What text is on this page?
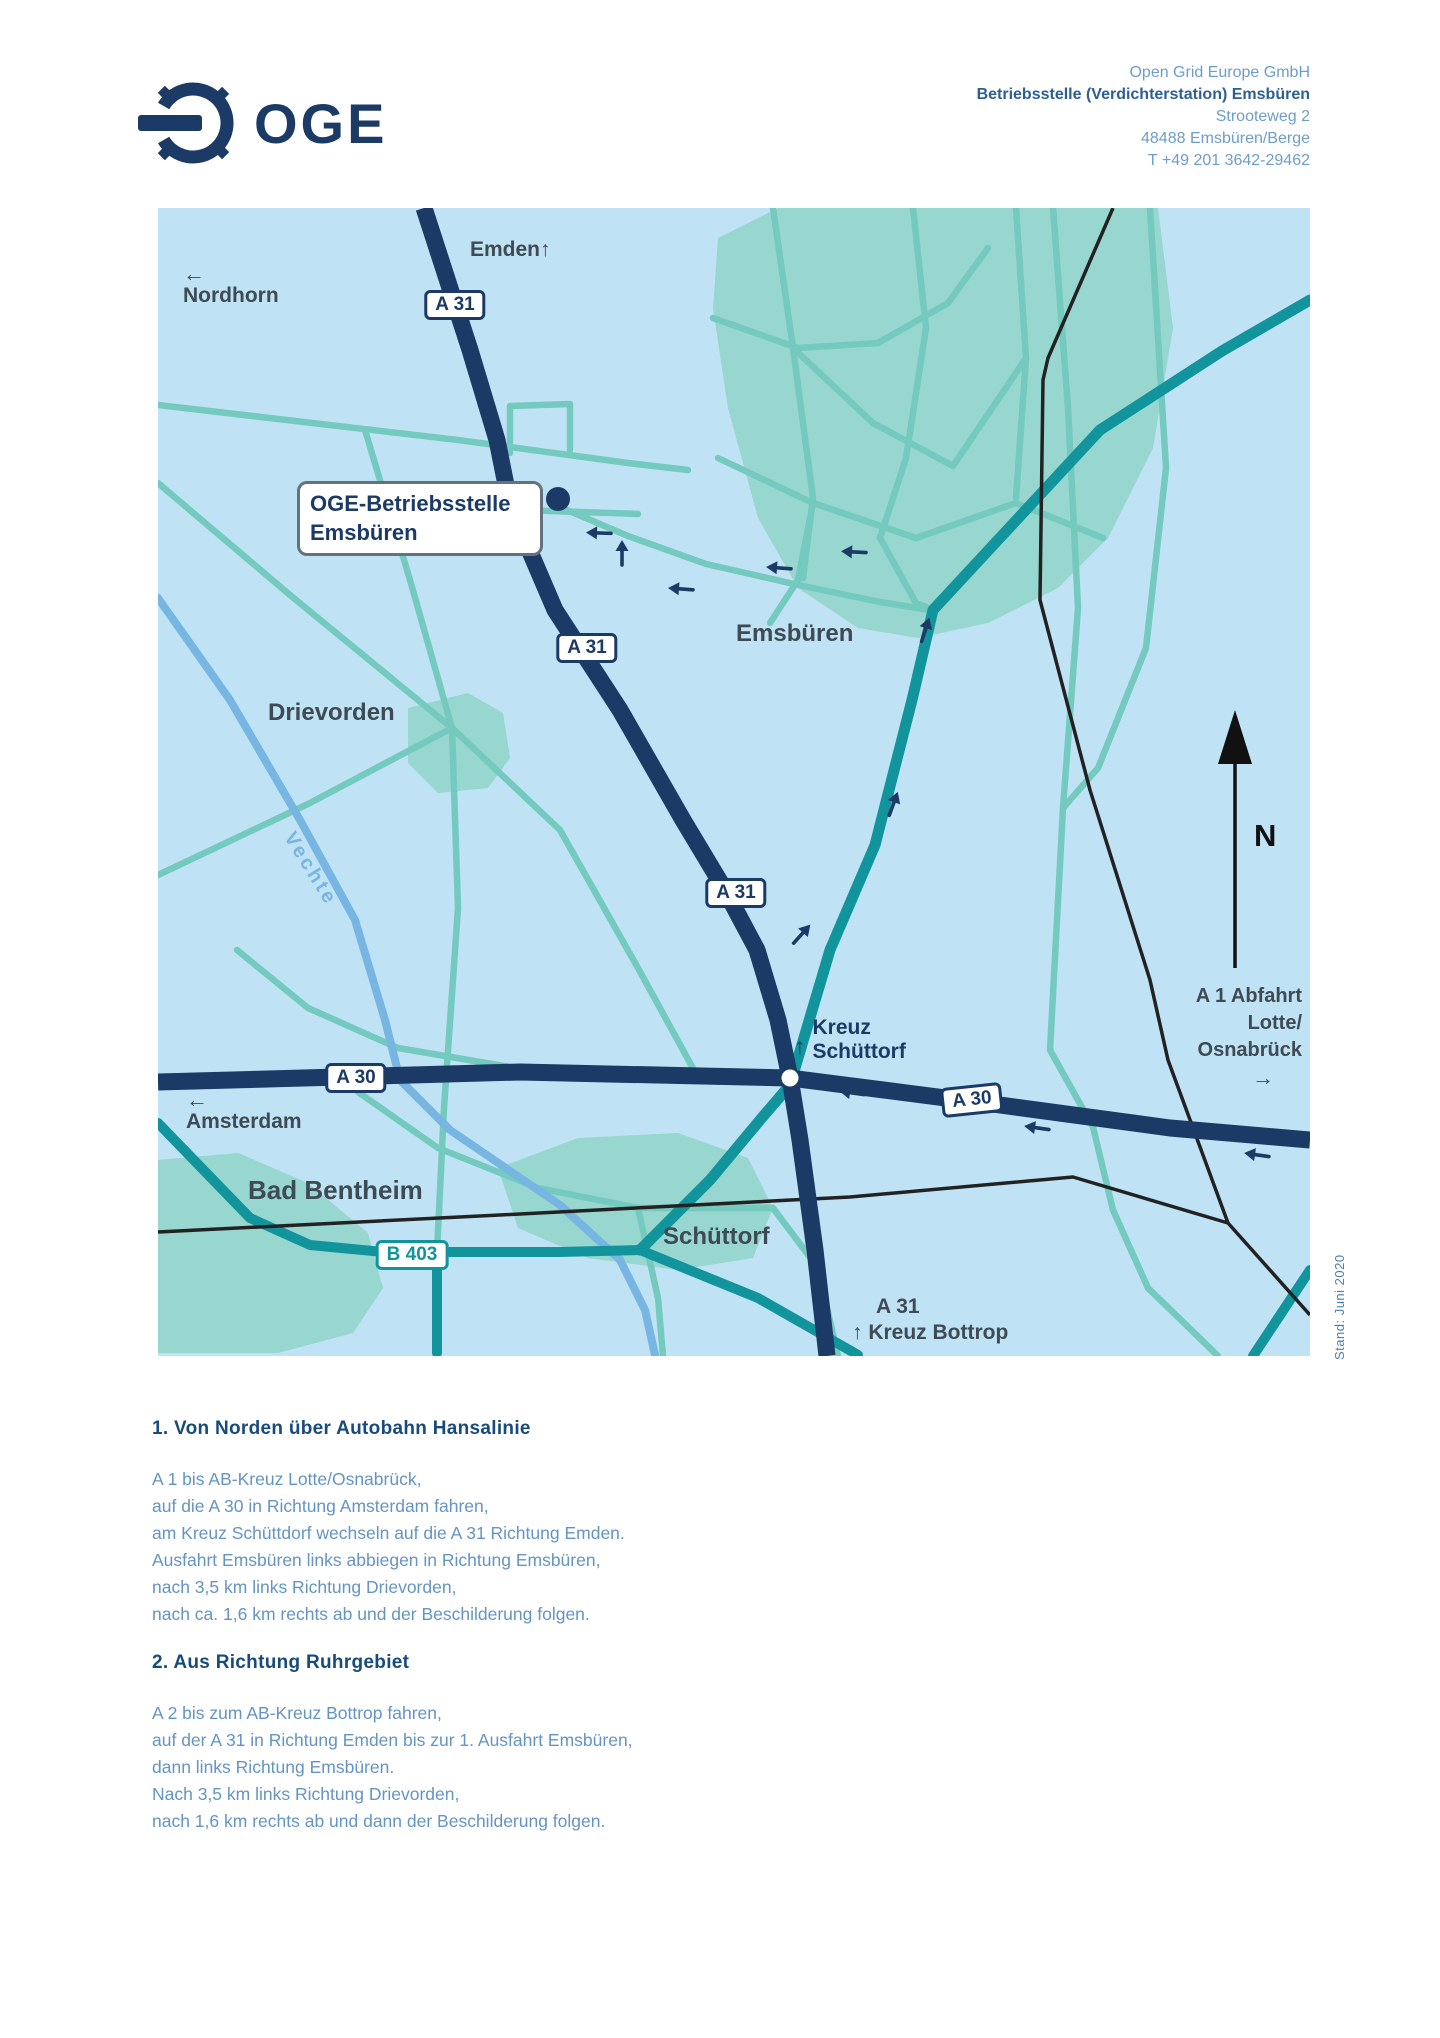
OGE
Open Grid Europe GmbH
Betriebsstelle (Verdichterstation) Emsbüren
Strooteweg 2
48488 Emsbüren/Berge
T +49 201 3642-29462
A 31
A 31
A 31
A 30
A 30
B 403
Emden↑
←
Nordhorn
OGE-Betriebsstelle
Emsbüren
Emsbüren
Drievorden
Vechte
↑
Kreuz
Schüttorf
←
Amsterdam
Bad Bentheim
Schüttorf
A 1 Abfahrt
Lotte/
Osnabrück
→
N
A 31
↑ Kreuz Bottrop	Stand: Juni 2020
1. Von Norden über Autobahn Hansalinie
A 1 bis AB-Kreuz Lotte/Osnabrück,
auf die A 30 in Richtung Amsterdam fahren,
am Kreuz Schüttdorf wechseln auf die A 31 Richtung Emden.
Ausfahrt Emsbüren links abbiegen in Richtung Emsbüren,
nach 3,5 km links Richtung Drievorden,
nach ca. 1,6 km rechts ab und der Beschilderung folgen.
2. Aus Richtung Ruhrgebiet
A 2 bis zum AB-Kreuz Bottrop fahren,
auf der A 31 in Richtung Emden bis zur 1. Ausfahrt Emsbüren,
dann links Richtung Emsbüren.
Nach 3,5 km links Richtung Drievorden,
nach 1,6 km rechts ab und dann der Beschilderung folgen.
